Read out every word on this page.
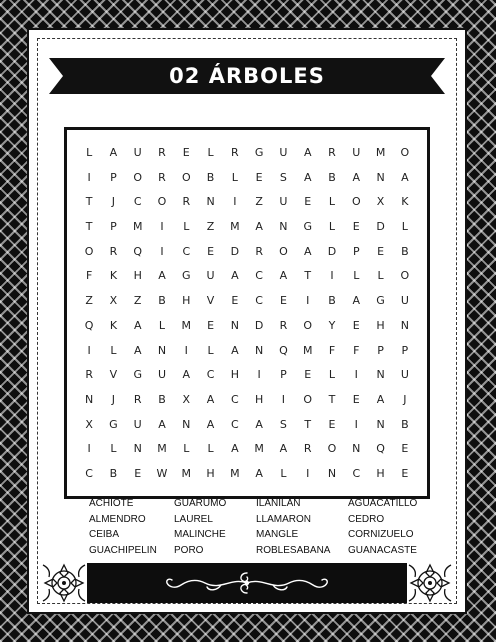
02 ÁRBOLES
L	A	U	R	E	L	R	G	U	A	R	U	M	O
I	P	O	R	O	B	L	E	S	A	B	A	N	A
T	J	C	O	R	N	I	Z	U	E	L	O	X	K
T	P	M	I	L	Z	M	A	N	G	L	E	D	L
O	R	Q	I	C	E	D	R	O	A	D	P	E	B
F	K	H	A	G	U	A	C	A	T	I	L	L	O
Z	X	Z	B	H	V	E	C	E	I	B	A	G	U
Q	K	A	L	M	E	N	D	R	O	Y	E	H	N
I	L	A	N	I	L	A	N	Q	M	F	F	P	P
R	V	G	U	A	C	H	I	P	E	L	I	N	U
N	J	R	B	X	A	C	H	I	O	T	E	A	J
X	G	U	A	N	A	C	A	S	T	E	I	N	B
I	L	N	M	L	L	A	M	A	R	O	N	Q	E
C	B	E	W	M	H	M	A	L	I	N	C	H	E
ACHIOTE	GUARUMO	ILANILAN	AGUACATILLO
ALMENDRO	LAUREL	LLAMARON	CEDRO
CEIBA	MALINCHE	MANGLE	CORNIZUELO
GUACHIPELIN	PORO	ROBLESABANA	GUANACASTE
